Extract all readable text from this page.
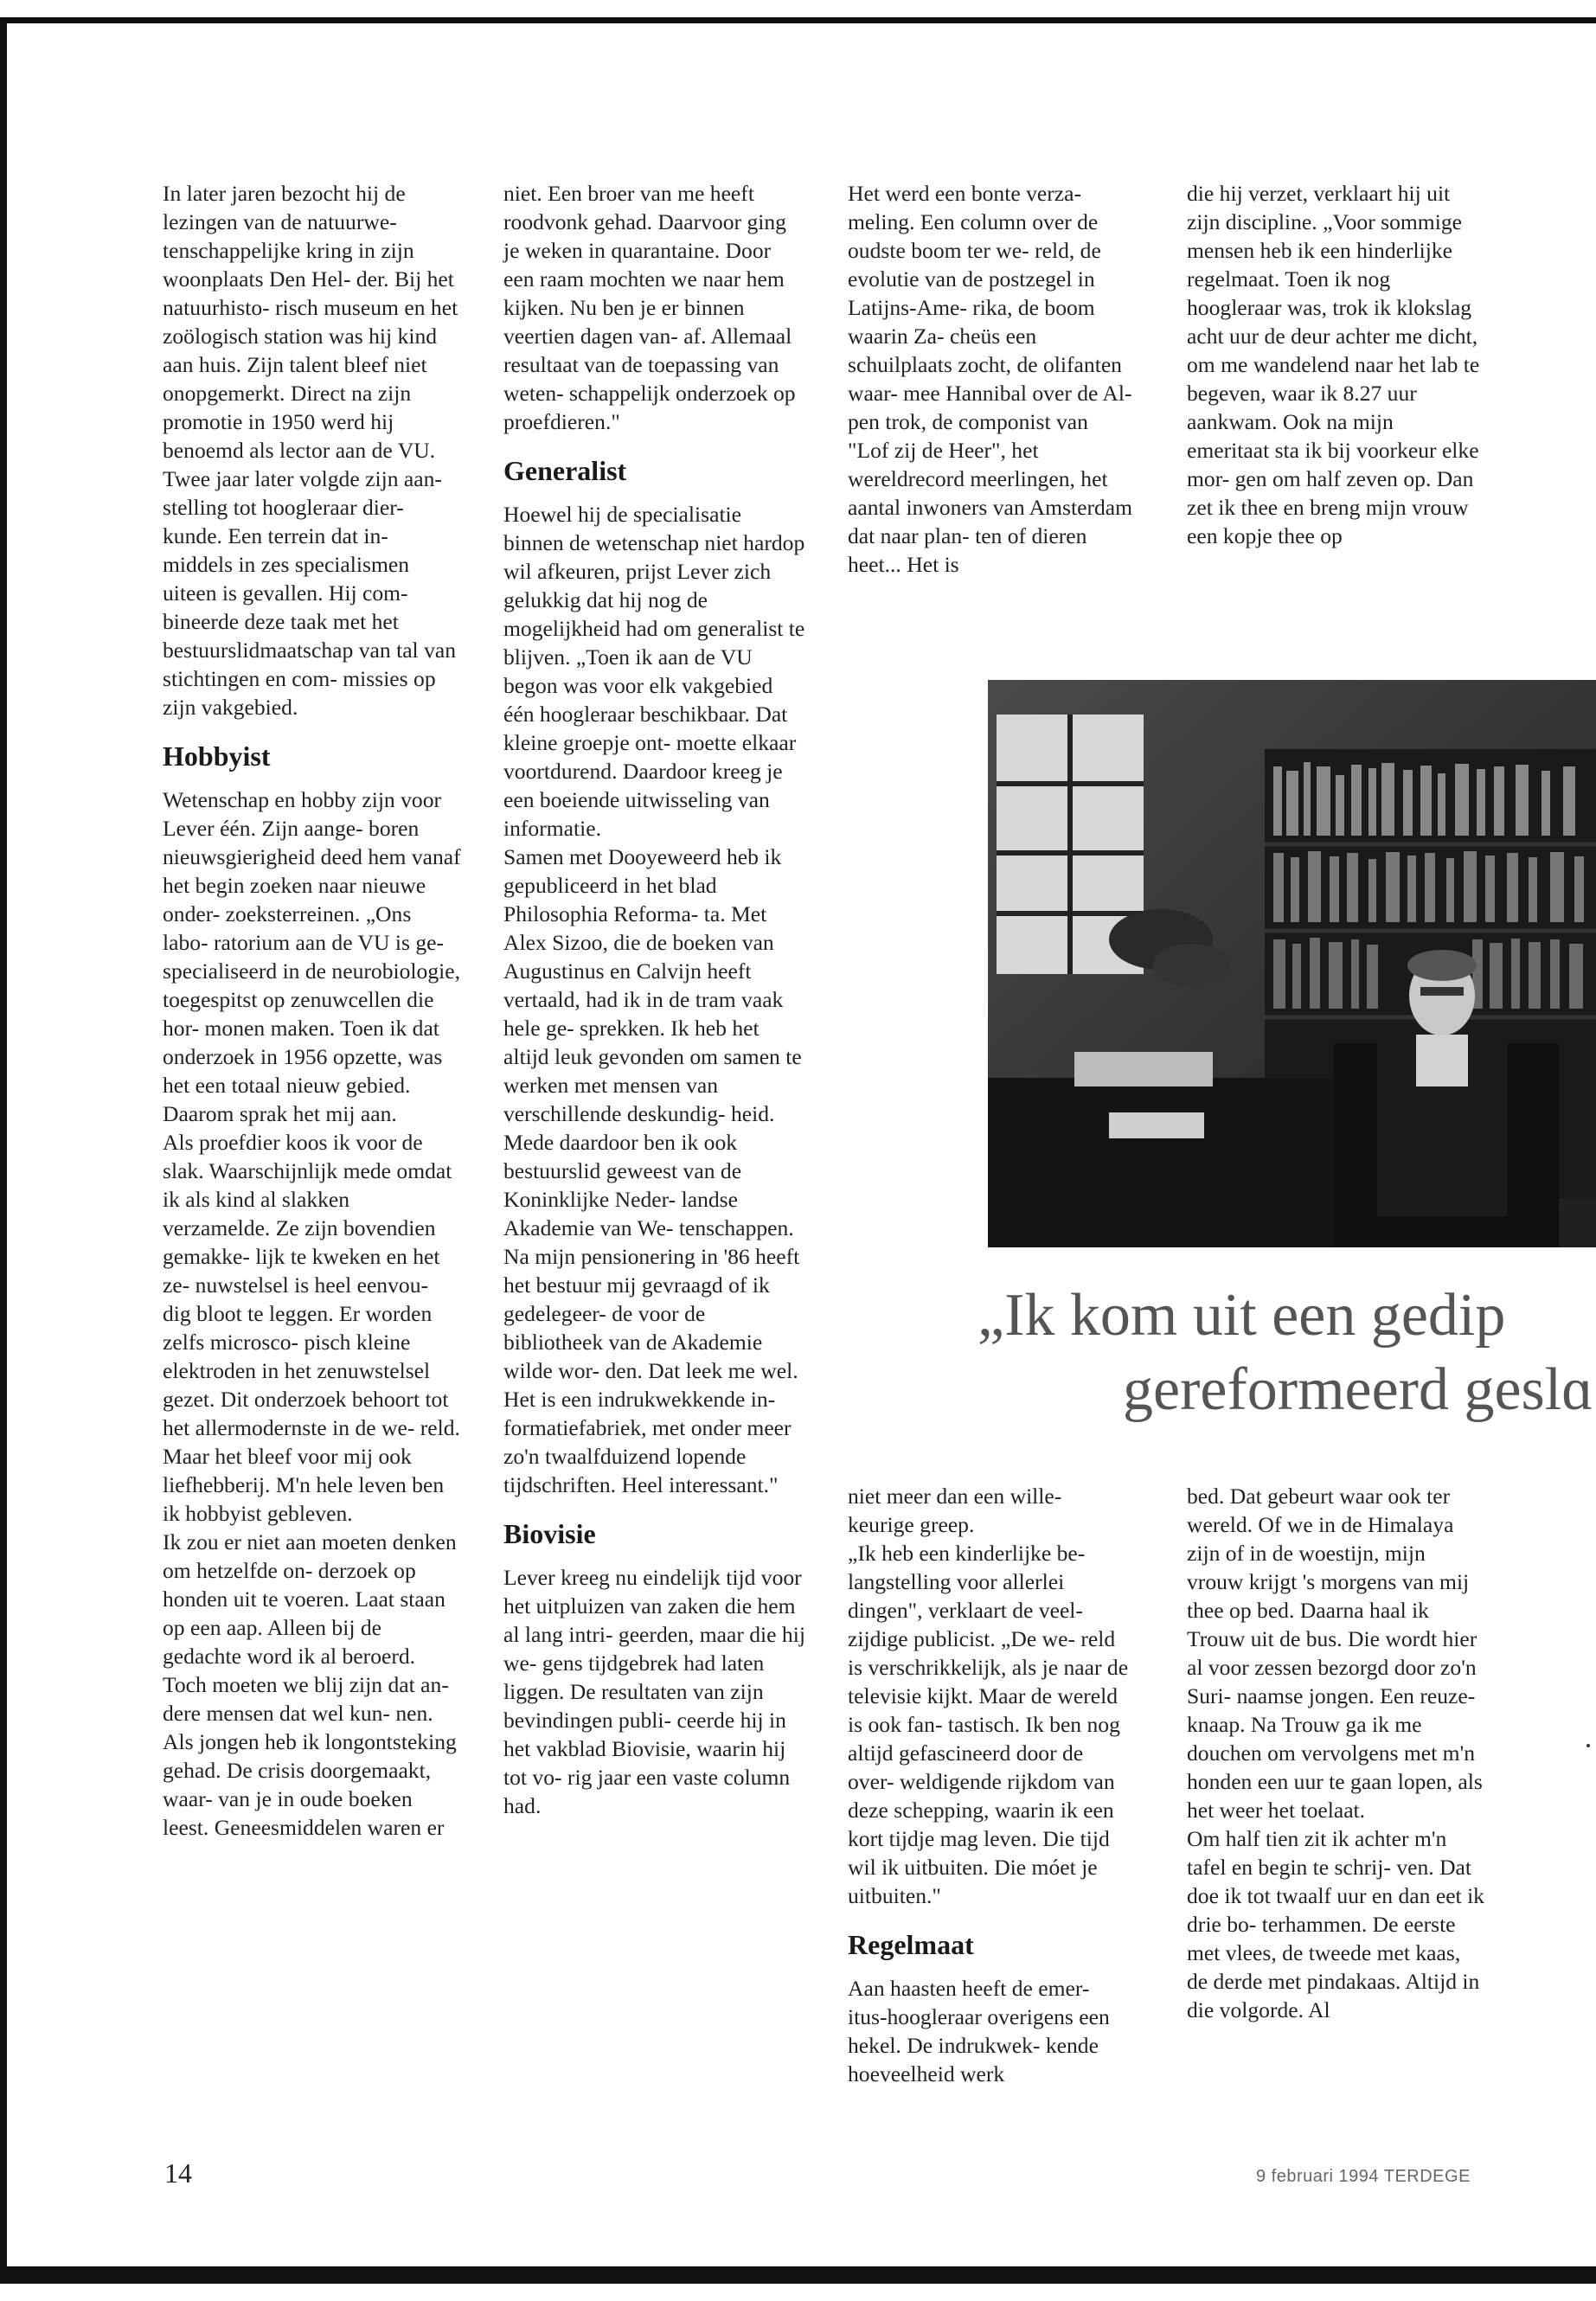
In later jaren bezocht hij de lezingen van de natuurwe- tenschappelijke kring in zijn woonplaats Den Hel- der. Bij het natuurhisto- risch museum en het zoölogisch station was hij kind aan huis. Zijn talent bleef niet onopgemerkt. Direct na zijn promotie in 1950 werd hij benoemd als lector aan de VU. Twee jaar later volgde zijn aan- stelling tot hoogleraar dier- kunde. Een terrein dat in- middels in zes specialismen uiteen is gevallen. Hij com- bineerde deze taak met het bestuurslidmaatschap van tal van stichtingen en com- missies op zijn vakgebied.

Hobbyist

Wetenschap en hobby zijn voor Lever één. Zijn aange- boren nieuwsgierigheid deed hem vanaf het begin zoeken naar nieuwe onder- zoeksterreinen. „Ons labo- ratorium aan de VU is ge- specialiseerd in de neurobiologie, toegespitst op zenuwcellen die hor- monen maken. Toen ik dat onderzoek in 1956 opzette, was het een totaal nieuw gebied. Daarom sprak het mij aan.

Als proefdier koos ik voor de slak. Waarschijnlijk mede omdat ik als kind al slakken verzamelde. Ze zijn bovendien gemakke- lijk te kweken en het ze- nuwstelsel is heel eenvou- dig bloot te leggen. Er worden zelfs microsco- pisch kleine elektroden in het zenuwstelsel gezet. Dit onderzoek behoort tot het allermodernste in de we- reld. Maar het bleef voor mij ook liefhebberij. M'n hele leven ben ik hobbyist gebleven.

Ik zou er niet aan moeten denken om hetzelfde on- derzoek op honden uit te voeren. Laat staan op een aap. Alleen bij de gedachte word ik al beroerd. Toch moeten we blij zijn dat an- dere mensen dat wel kun- nen. Als jongen heb ik longontsteking gehad. De crisis doorgemaakt, waar- van je in oude boeken leest. Geneesmiddelen waren er

niet. Een broer van me heeft roodvonk gehad. Daarvoor ging je weken in quarantaine. Door een raam mochten we naar hem kijken. Nu ben je er binnen veertien dagen van- af. Allemaal resultaat van de toepassing van weten- schappelijk onderzoek op proefdieren."

Generalist

Hoewel hij de specialisatie binnen de wetenschap niet hardop wil afkeuren, prijst Lever zich gelukkig dat hij nog de mogelijkheid had om generalist te blijven. „Toen ik aan de VU begon was voor elk vakgebied één hoogleraar beschikbaar. Dat kleine groepje ont- moette elkaar voortdurend. Daardoor kreeg je een boeiende uitwisseling van informatie.

Samen met Dooyeweerd heb ik gepubliceerd in het blad Philosophia Reforma- ta. Met Alex Sizoo, die de boeken van Augustinus en Calvijn heeft vertaald, had ik in de tram vaak hele ge- sprekken. Ik heb het altijd leuk gevonden om samen te werken met mensen van verschillende deskundig- heid. Mede daardoor ben ik ook bestuurslid geweest van de Koninklijke Neder- landse Akademie van We- tenschappen.

Na mijn pensionering in '86 heeft het bestuur mij gevraagd of ik gedelegeer- de voor de bibliotheek van de Akademie wilde wor- den. Dat leek me wel. Het is een indrukwekkende in- formatiefabriek, met onder meer zo'n twaalfduizend lopende tijdschriften. Heel interessant."

Biovisie

Lever kreeg nu eindelijk tijd voor het uitpluizen van zaken die hem al lang intri- geerden, maar die hij we- gens tijdgebrek had laten liggen. De resultaten van zijn bevindingen publi- ceerde hij in het vakblad Biovisie, waarin hij tot vo- rig jaar een vaste column had.

Het werd een bonte verza- meling. Een column over de oudste boom ter we- reld, de evolutie van de postzegel in Latijns-Ame- rika, de boom waarin Za- cheüs een schuilplaats zocht, de olifanten waar- mee Hannibal over de Al- pen trok, de componist van "Lof zij de Heer", het wereldrecord meerlingen, het aantal inwoners van Amsterdam dat naar plan- ten of dieren heet... Het is

die hij verzet, verklaart hij uit zijn discipline. „Voor sommige mensen heb ik een hinderlijke regelmaat. Toen ik nog hoogleraar was, trok ik klokslag acht uur de deur achter me dicht, om me wandelend naar het lab te begeven, waar ik 8.27 uur aankwam. Ook na mijn emeritaat sta ik bij voorkeur elke mor- gen om half zeven op. Dan zet ik thee en breng mijn vrouw een kopje thee op

„Ik kom uit een gedip
gereformeerd geslɑ

niet meer dan een wille- keurige greep.

„Ik heb een kinderlijke be- langstelling voor allerlei dingen", verklaart de veel- zijdige publicist. „De we- reld is verschrikkelijk, als je naar de televisie kijkt. Maar de wereld is ook fan- tastisch. Ik ben nog altijd gefascineerd door de over- weldigende rijkdom van deze schepping, waarin ik een kort tijdje mag leven. Die tijd wil ik uitbuiten. Die móet je uitbuiten."

Regelmaat

Aan haasten heeft de emer- itus-hoogleraar overigens een hekel. De indrukwek- kende hoeveelheid werk

bed. Dat gebeurt waar ook ter wereld. Of we in de Himalaya zijn of in de woestijn, mijn vrouw krijgt 's morgens van mij thee op bed. Daarna haal ik Trouw uit de bus. Die wordt hier al voor zessen bezorgd door zo'n Suri- naamse jongen. Een reuze- knaap. Na Trouw ga ik me douchen om vervolgens met m'n honden een uur te gaan lopen, als het weer het toelaat.

Om half tien zit ik achter m'n tafel en begin te schrij- ven. Dat doe ik tot twaalf uur en dan eet ik drie bo- terhammen. De eerste met vlees, de tweede met kaas, de derde met pindakaas. Altijd in die volgorde. Al

14	9 februari 1994 TERDEGE
